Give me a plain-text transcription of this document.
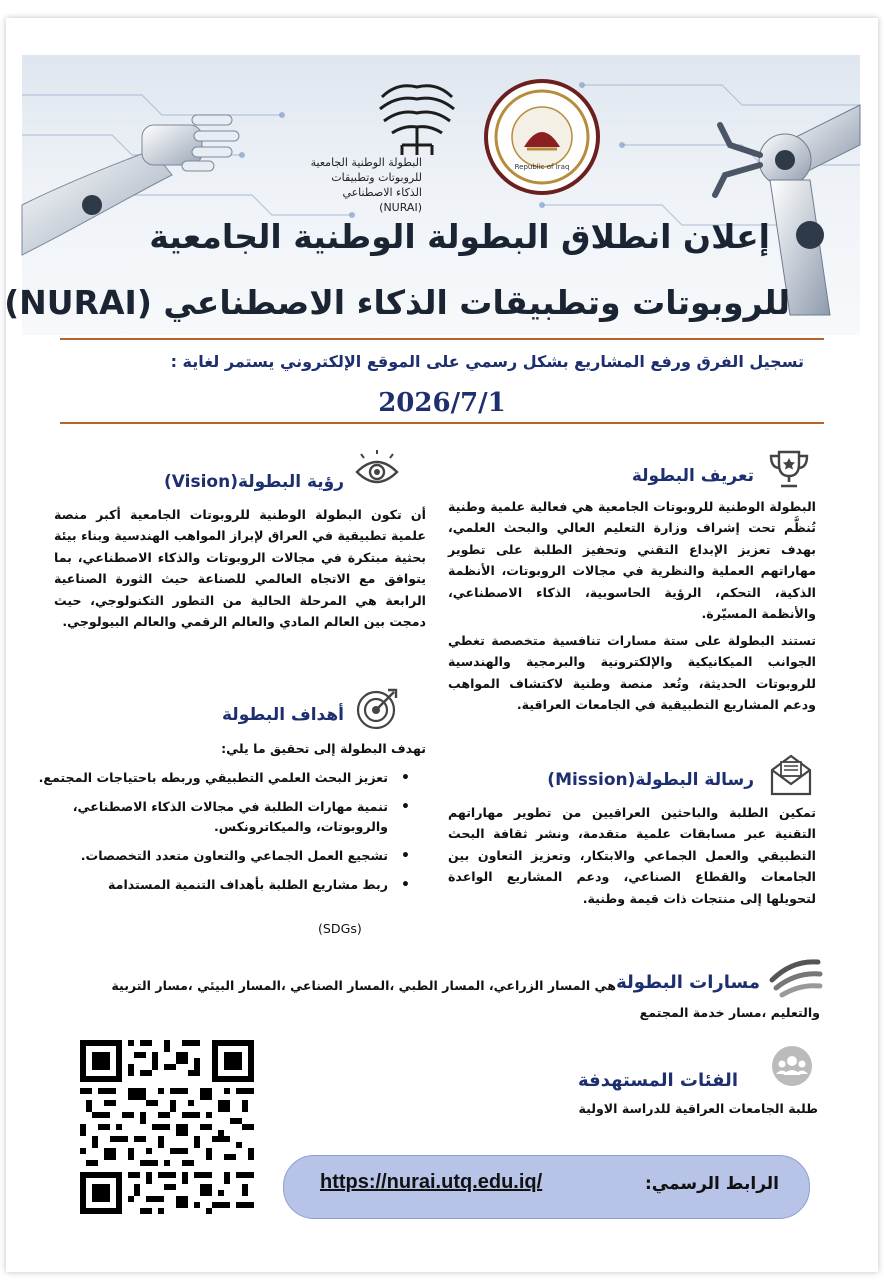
Republic of Iraq
البطولة الوطنية الجامعية
للروبوتات وتطبيقات
الذكاء الاصطناعي
(NURAI)
إعلان انطلاق البطولة الوطنية الجامعية
للروبوتات وتطبيقات الذكاء الاصطناعي (NURAI)
تسجيل الفرق ورفع المشاريع بشكل رسمي على الموقع الإلكتروني يستمر لغاية :
2026/7/1
تعريف البطولة
البطولة الوطنية للروبوتات الجامعية هي فعالية علمية وطنية تُنظَّم تحت إشراف وزارة التعليم العالي والبحث العلمي، بهدف تعزيز الإبداع التقني وتحفيز الطلبة على تطوير مهاراتهم العملية والنظرية في مجالات الروبوتات، الأنظمة الذكية، التحكم، الرؤية الحاسوبية، الذكاء الاصطناعي، والأنظمة المسيّرة.
تستند البطولة على ستة مسارات تنافسية متخصصة تغطي الجوانب الميكانيكية والإلكترونية والبرمجية والهندسية للروبوتات الحديثة، وتُعد منصة وطنية لاكتشاف المواهب ودعم المشاريع التطبيقية في الجامعات العراقية.
رؤية البطولة(Vision)
أن تكون البطولة الوطنية للروبوتات الجامعية أكبر منصة علمية تطبيقية في العراق لإبراز المواهب الهندسية وبناء بيئة بحثية مبتكرة في مجالات الروبوتات والذكاء الاصطناعي، بما يتوافق مع الاتجاه العالمي للصناعة حيث الثورة الصناعية الرابعة هي المرحلة الحالية من التطور التكنولوجي، حيث دمجت بين العالم المادي والعالم الرقمي والعالم البيولوجي.
أهداف البطولة
تهدف البطولة إلى تحقيق ما يلي:
• تعزيز البحث العلمي التطبيقي وربطه باحتياجات المجتمع.
• تنمية مهارات الطلبة في مجالات الذكاء الاصطناعي، والروبوتات، والميكاترونكس.
• تشجيع العمل الجماعي والتعاون متعدد التخصصات.
• ربط مشاريع الطلبة بأهداف التنمية المستدامة
(SDGs)
رسالة البطولة(Mission)
تمكين الطلبة والباحثين العراقيين من تطوير مهاراتهم التقنية عبر مسابقات علمية متقدمة، ونشر ثقافة البحث التطبيقي والعمل الجماعي والابتكار، وتعزيز التعاون بين الجامعات والقطاع الصناعي، ودعم المشاريع الواعدة لتحويلها إلى منتجات ذات قيمة وطنية.
مسارات البطولة
هي المسار الزراعي، المسار الطبي ،المسار الصناعي ،المسار البيئي ،مسار التربية
والتعليم ،مسار خدمة المجتمع
الفئات المستهدفة
طلبة الجامعات العراقية للدراسة الاولية
الرابط الرسمي:
https://nurai.utq.edu.iq/
